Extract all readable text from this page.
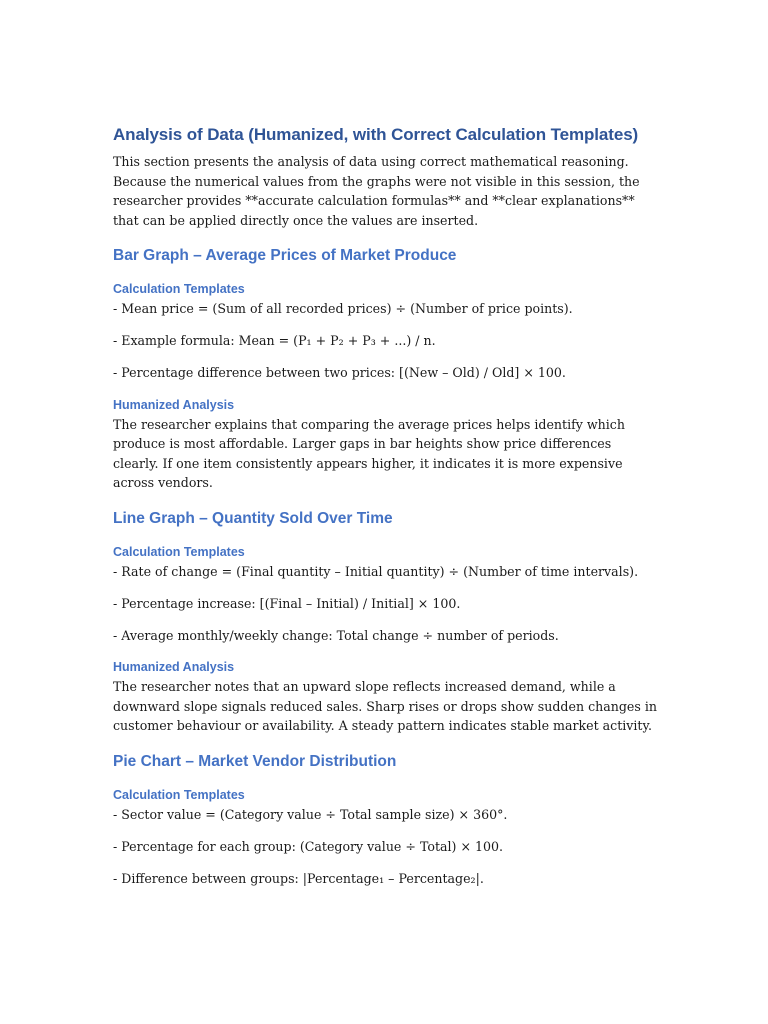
Analysis of Data (Humanized, with Correct Calculation Templates)

This section presents the analysis of data using correct mathematical reasoning. Because the numerical values from the graphs were not visible in this session, the researcher provides **accurate calculation formulas** and **clear explanations** that can be applied directly once the values are inserted.

Bar Graph – Average Prices of Market Produce
Calculation Templates

- Mean price = (Sum of all recorded prices) ÷ (Number of price points).

- Example formula: Mean = (P₁ + P₂ + P₃ + ...) / n.

- Percentage difference between two prices: [(New – Old) / Old] × 100.

Humanized Analysis

The researcher explains that comparing the average prices helps identify which produce is most affordable. Larger gaps in bar heights show price differences clearly. If one item consistently appears higher, it indicates it is more expensive across vendors.

Line Graph – Quantity Sold Over Time
Calculation Templates

- Rate of change = (Final quantity – Initial quantity) ÷ (Number of time intervals).

- Percentage increase: [(Final – Initial) / Initial] × 100.

- Average monthly/weekly change: Total change ÷ number of periods.

Humanized Analysis

The researcher notes that an upward slope reflects increased demand, while a downward slope signals reduced sales. Sharp rises or drops show sudden changes in customer behaviour or availability. A steady pattern indicates stable market activity.

Pie Chart – Market Vendor Distribution
Calculation Templates

- Sector value = (Category value ÷ Total sample size) × 360°.

- Percentage for each group: (Category value ÷ Total) × 100.

- Difference between groups: |Percentage₁ – Percentage₂|.
